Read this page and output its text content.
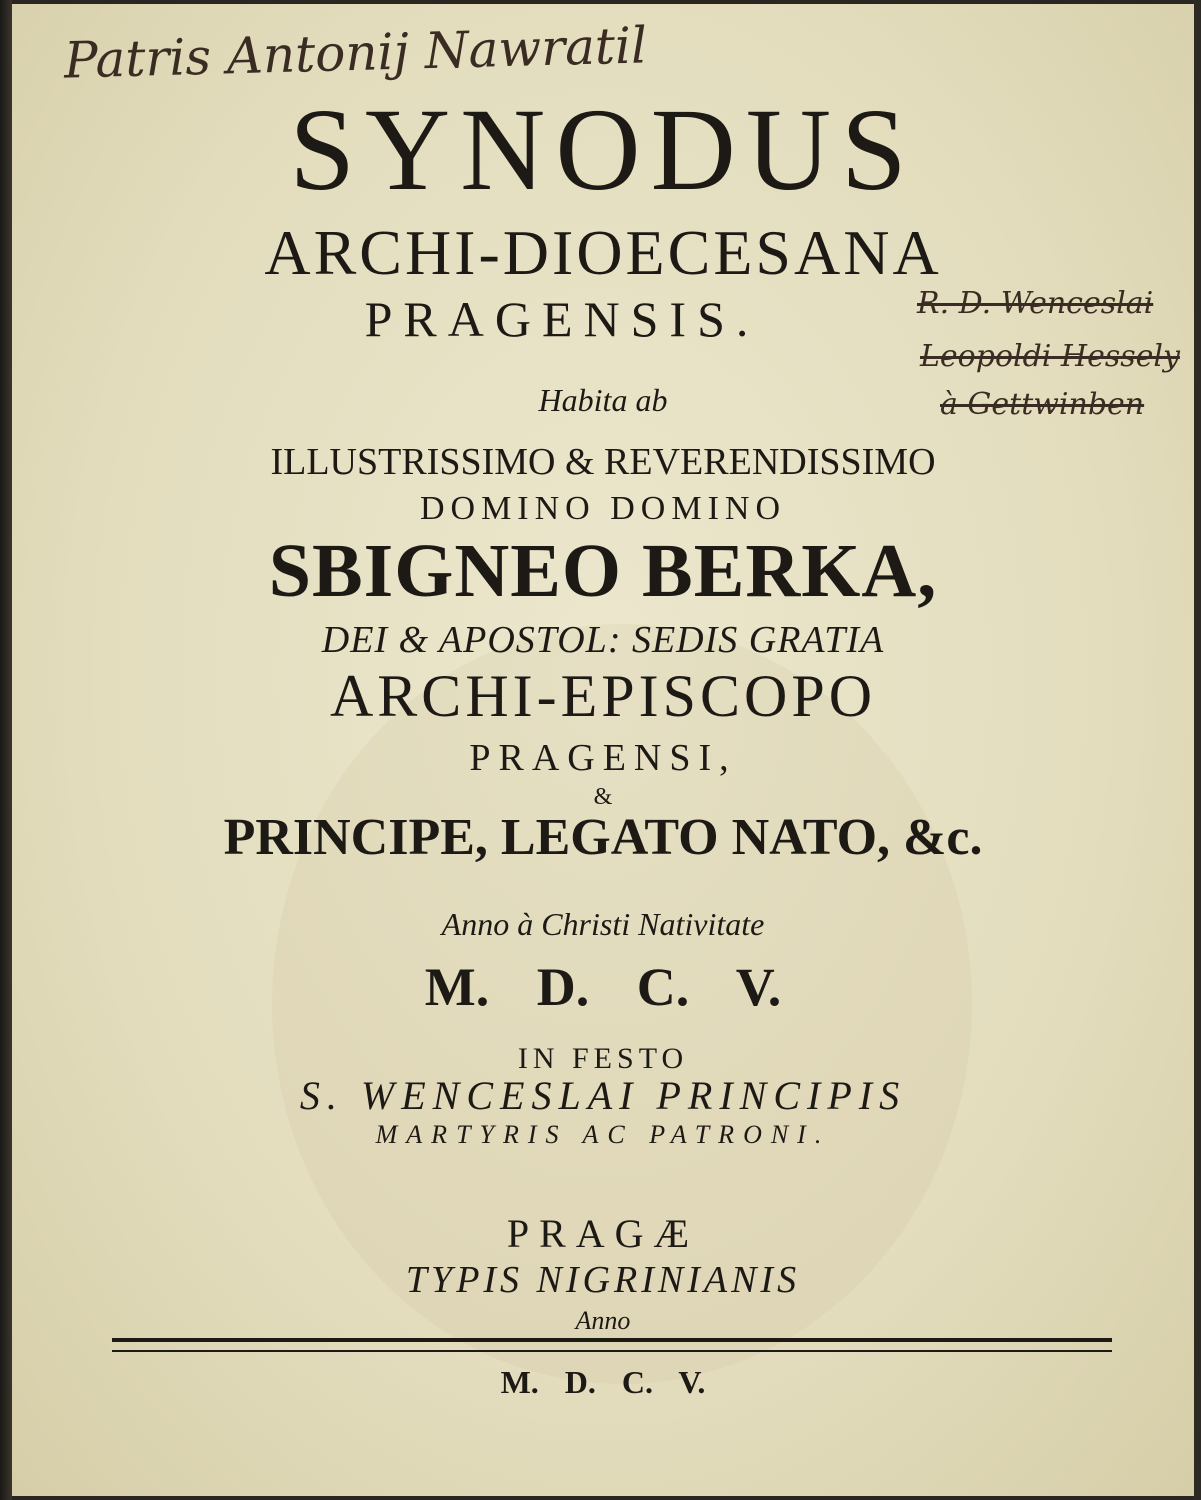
Patris Antonij Nawratil
R. D. Wenceslai
Leopoldi Hessely
à Gettwinben
SYNODUS
ARCHI-DIOECESANA
PRAGENSIS.
Habita ab
ILLUSTRISSIMO & REVERENDISSIMO
DOMINO DOMINO
SBIGNEO BERKA,
DEI & APOSTOL: SEDIS GRATIA
ARCHI-EPISCOPO
PRAGENSI,
&
PRINCIPE, LEGATO NATO, &c.
Anno à Christi Nativitate
M. D. C. V.
IN FESTO
S. WENCESLAI PRINCIPIS
MARTYRIS AC PATRONI.
PRAGÆ
TYPIS NIGRINIANIS
Anno
M. D. C. V.
